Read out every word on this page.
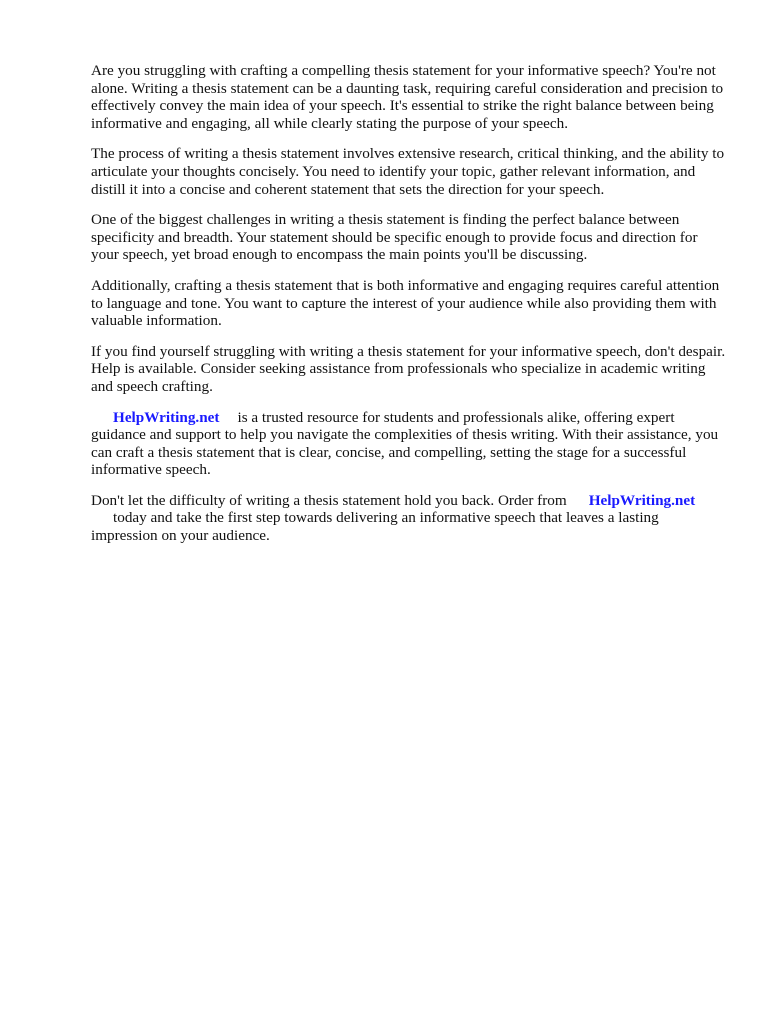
Are you struggling with crafting a compelling thesis statement for your informative speech? You're not alone. Writing a thesis statement can be a daunting task, requiring careful consideration and precision to effectively convey the main idea of your speech. It's essential to strike the right balance between being informative and engaging, all while clearly stating the purpose of your speech.

The process of writing a thesis statement involves extensive research, critical thinking, and the ability to articulate your thoughts concisely. You need to identify your topic, gather relevant information, and distill it into a concise and coherent statement that sets the direction for your speech.

One of the biggest challenges in writing a thesis statement is finding the perfect balance between specificity and breadth. Your statement should be specific enough to provide focus and direction for your speech, yet broad enough to encompass the main points you'll be discussing.

Additionally, crafting a thesis statement that is both informative and engaging requires careful attention to language and tone. You want to capture the interest of your audience while also providing them with valuable information.

If you find yourself struggling with writing a thesis statement for your informative speech, don't despair. Help is available. Consider seeking assistance from professionals who specialize in academic writing and speech crafting.

HelpWriting.net is a trusted resource for students and professionals alike, offering expert guidance and support to help you navigate the complexities of thesis writing. With their assistance, you can craft a thesis statement that is clear, concise, and compelling, setting the stage for a successful informative speech.

Don't let the difficulty of writing a thesis statement hold you back. Order from HelpWriting.net
today and take the first step towards delivering an informative speech that leaves a lasting impression on your audience.
